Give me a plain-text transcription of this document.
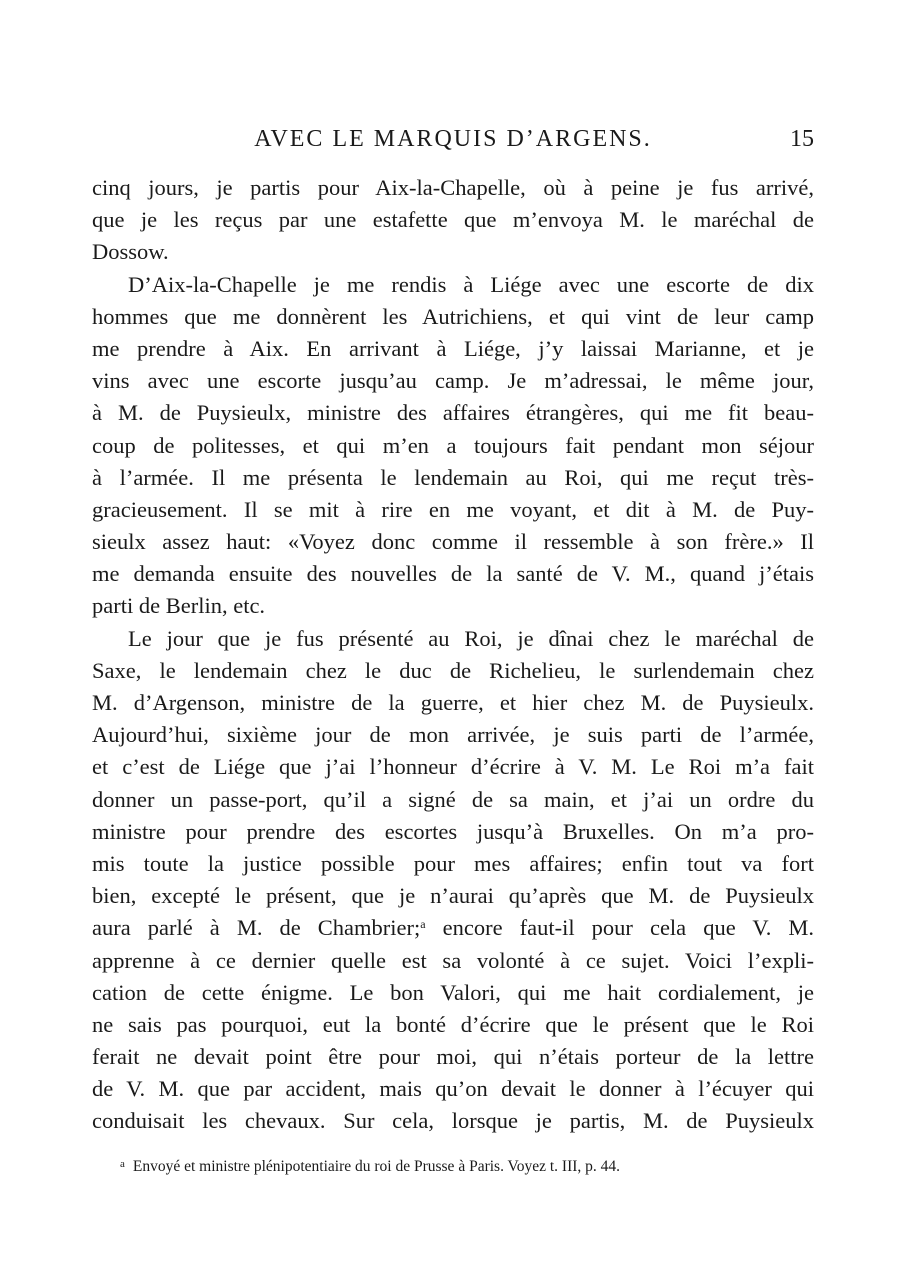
AVEC LE MARQUIS D’ARGENS.	15
cinq jours, je partis pour Aix-la-Chapelle, où à peine je fus arrivé,
que je les reçus par une estafette que m’envoya M. le maréchal de
Dossow.
D’Aix-la-Chapelle je me rendis à Liége avec une escorte de dix
hommes que me donnèrent les Autrichiens, et qui vint de leur camp
me prendre à Aix. En arrivant à Liége, j’y laissai Marianne, et je
vins avec une escorte jusqu’au camp. Je m’adressai, le même jour,
à M. de Puysieulx, ministre des affaires étrangères, qui me fit beau-
coup de politesses, et qui m’en a toujours fait pendant mon séjour
à l’armée. Il me présenta le lendemain au Roi, qui me reçut très-
gracieusement. Il se mit à rire en me voyant, et dit à M. de Puy-
sieulx assez haut: «Voyez donc comme il ressemble à son frère.» Il
me demanda ensuite des nouvelles de la santé de V. M., quand j’étais
parti de Berlin, etc.
Le jour que je fus présenté au Roi, je dînai chez le maréchal de
Saxe, le lendemain chez le duc de Richelieu, le surlendemain chez
M. d’Argenson, ministre de la guerre, et hier chez M. de Puysieulx.
Aujourd’hui, sixième jour de mon arrivée, je suis parti de l’armée,
et c’est de Liége que j’ai l’honneur d’écrire à V. M. Le Roi m’a fait
donner un passe-port, qu’il a signé de sa main, et j’ai un ordre du
ministre pour prendre des escortes jusqu’à Bruxelles. On m’a pro-
mis toute la justice possible pour mes affaires; enfin tout va fort
bien, excepté le présent, que je n’aurai qu’après que M. de Puysieulx
aura parlé à M. de Chambrier;$^a$ encore faut-il pour cela que V. M.
apprenne à ce dernier quelle est sa volonté à ce sujet. Voici l’expli-
cation de cette énigme. Le bon Valori, qui me hait cordialement, je
ne sais pas pourquoi, eut la bonté d’écrire que le présent que le Roi
ferait ne devait point être pour moi, qui n’étais porteur de la lettre
de V. M. que par accident, mais qu’on devait le donner à l’écuyer qui
conduisait les chevaux. Sur cela, lorsque je partis, M. de Puysieulx
$^a$ Envoyé et ministre plénipotentiaire du roi de Prusse à Paris. Voyez t. III, p. 44.
